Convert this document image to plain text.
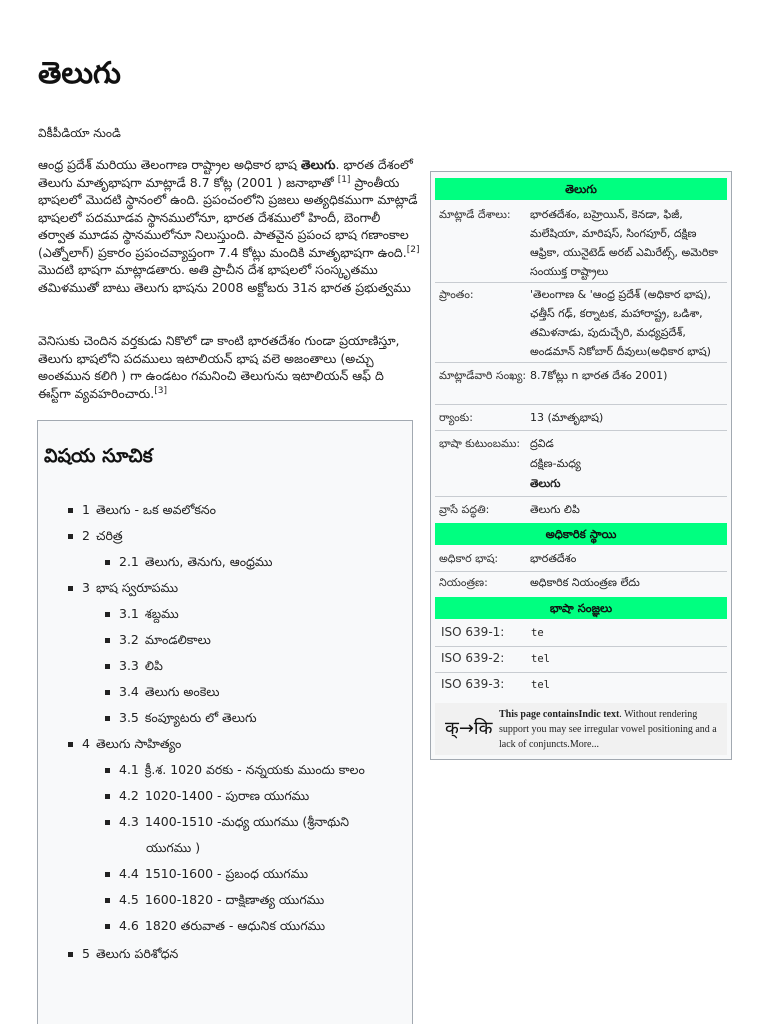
తెలుగు
వికీపీడియా నుండి

ఆంధ్ర ప్రదేశ్ మరియు తెలంగాణ రాష్ట్రాల అధికార భాష తెలుగు. భారత దేశంలో తెలుగు మాతృభాషగా మాట్లాడే 8.7 కోట్ల (2001 ) జనాభాతో [1] ప్రాంతీయ భాషలలో మొదటి స్థానంలో ఉంది. ప్రపంచంలోని ప్రజలు అత్యధికముగా మాట్లాడే భాషలలో పదమూడవ స్థానములోనూ, భారత దేశములో హిందీ, బెంగాలీ తర్వాత మూడవ స్థానములోనూ నిలుస్తుంది. పాతవైన ప్రపంచ భాష గణాంకాల (ఎత్నోలాగ్) ప్రకారం ప్రపంచవ్యాప్తంగా 7.4 కోట్లు మందికి మాతృభాషగా ఉంది.[2] మొదటి భాషగా మాట్లాడతారు. అతి ప్రాచీన దేశ భాషలలో సంస్కృతము తమిళముతో బాటు తెలుగు భాషను 2008 అక్టోబరు 31న భారత ప్రభుత్వము

వెనిసుకు చెందిన వర్తకుడు నికొలో డా కాంటి భారతదేశం గుండా ప్రయాణిస్తూ, తెలుగు భాషలోని పదములు ఇటాలియన్ భాష వలె అజంతాలు (అచ్చు అంతమున కలిగి ) గా ఉండటం గమనించి తెలుగును ఇటాలియన్ ఆఫ్ ది ఈస్ట్‌గా వ్యవహరించారు.[3]

విషయ సూచిక
1 తెలుగు - ఒక అవలోకనం
2 చరిత్ర
2.1 తెలుగు, తెనుగు, ఆంధ్రము
3 భాష స్వరూపము
3.1 శబ్దము
3.2 మాండలికాలు
3.3 లిపి
3.4 తెలుగు అంకెలు
3.5 కంప్యూటరు లో తెలుగు
4 తెలుగు సాహిత్యం
4.1 క్రీ.శ. 1020 వరకు - నన్నయకు ముందు కాలం
4.2 1020-1400 - పురాణ యుగము
4.3 1400-1510 -మధ్య యుగము (శ్రీనాథుని
యుగము )
4.4 1510-1600 - ప్రబంధ యుగము
4.5 1600-1820 - దాక్షిణాత్య యుగము
4.6 1820 తరువాత - ఆధునిక యుగము
5 తెలుగు పరిశోధన
తెలుగు
మాట్లాడే దేశాలు:	భారతదేశం, బహ్రెయిన్, కెనడా, ఫిజీ, మలేషియా, మారిషస్, సింగపూర్, దక్షిణ ఆఫ్రికా, యునైటెడ్ అరబ్ ఎమిరేట్స్, అమెరికా సంయుక్త రాష్ట్రాలు
ప్రాంతం:	'తెలంగాణ & 'ఆంధ్ర ప్రదేశ్ (అధికార భాష), ఛత్తీస్ గఢ్, కర్నాటక, మహారాష్ట్ర, ఒడిశా, తమిళనాడు, పుదుచ్చేరి, మధ్యప్రదేశ్, అండమాన్ నికోబార్ దీవులు(అధికార భాష)
మాట్లాడేవారి సంఖ్య: 8.7కోట్లు n భారత దేశం 2001)
ర్యాంకు:	13 (మాతృభాష)
భాషా కుటుంబము: ద్రవిడ
దక్షిణ-మధ్య
తెలుగు
వ్రాసే పద్ధతి:	తెలుగు లిపి
అధికారిక స్థాయి
అధికార భాష:	భారతదేశం
నియంత్రణ:	అధికారిక నియంత్రణ లేదు
భాషా సంజ్ఞలు
ISO 639-1:	te
ISO 639-2:	tel
ISO 639-3:	tel
क्→कि
This page containsIndic text. Without rendering support you may see irregular vowel positioning and a lack of conjuncts.More...
